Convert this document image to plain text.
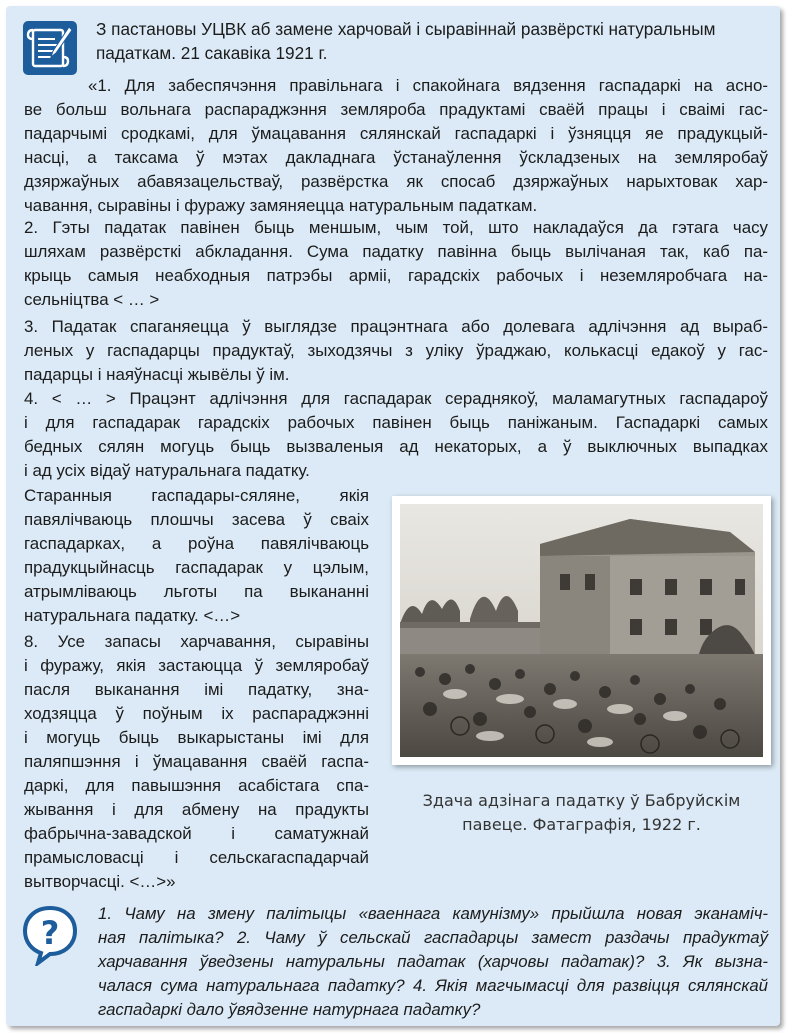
З пастановы УЦВК аб замене харчовай і сыравіннай развёрсткі натуральным
падаткам. 21 сакавіка 1921 г.

«1. Для забеспячэння правільнага і спакойнага вядзення гаспадаркі на асно-
ве больш вольнага распараджэння земляроба прадуктамі сваёй працы і сваімі гас-
падарчымі сродкамі, для ўмацавання сялянскай гаспадаркі і ўзняцця яе прадукцый-
насці, а таксама ў мэтах дакладнага ўстанаўлення ўскладзеных на земляробаў
дзяржаўных абавязацельстваў, развёрстка як спосаб дзяржаўных нарыхтовак хар-
чавання, сыравіны і фуражу замяняецца натуральным падаткам.

2. Гэты падатак павінен быць меншым, чым той, што накладаўся да гэтага часу
шляхам развёрсткі абкладання. Сума падатку павінна быць вылічаная так, каб па-
крыць самыя неабходныя патрэбы арміі, гарадскіх рабочых і неземляробчага на-
сельніцтва < … >

3. Падатак спаганяецца ў выглядзе працэнтнага або долевага адлічэння ад выраб-
леных у гаспадарцы прадуктаў, зыходзячы з уліку ўраджаю, колькасці едакоў у гас-
падарцы і наяўнасці жывёлы ў ім.

4. < … > Працэнт адлічэння для гаспадарак сераднякоў, маламагутных гаспадароў
і для гаспадарак гарадскіх рабочых павінен быць паніжаным. Гаспадаркі самых
бедных сялян могуць быць вызваленыя ад некаторых, а ў выключных выпадках
і ад усіх відаў натуральнага падатку.

Старанныя гаспадары-сяляне, якія
павялічваюць плошчы засева ў сваіх
гаспадарках, а роўна павялічваюць
прадукцыйнасць гаспадарак у цэлым,
атрымліваюць льготы па выкананні
натуральнага падатку. <…>

8. Усе запасы харчавання, сыравіны
і фуражу, якія застаюцца ў земляробаў
пасля выканання імі падатку, зна-
ходзяцца ў поўным іх распараджэнні
і могуць быць выкарыстаны імі для
паляпшэння і ўмацавання сваёй гаспа-
даркі, для павышэння асабістага спа-
жывання і для абмену на прадукты
фабрычна-завадской і саматужнай
прамысловасці і сельскагаспадарчай
вытворчасці. <…>»

Здача адзінага падатку ў Бабруйскім
павеце. Фатаграфія, 1922 г.
?

1. Чаму на змену палітыцы «ваеннага камунізму» прыйшла новая эканаміч-
ная палітыка? 2. Чаму ў сельскай гаспадарцы замест раздачы прадуктаў
харчавання ўведзены натуральны падатак (харчовы падатак)? 3. Як вызна-
чалася сума натуральнага падатку? 4. Якія магчымасці для развіцця сялянскай
гаспадаркі дало ўвядзенне натурнага падатку?
